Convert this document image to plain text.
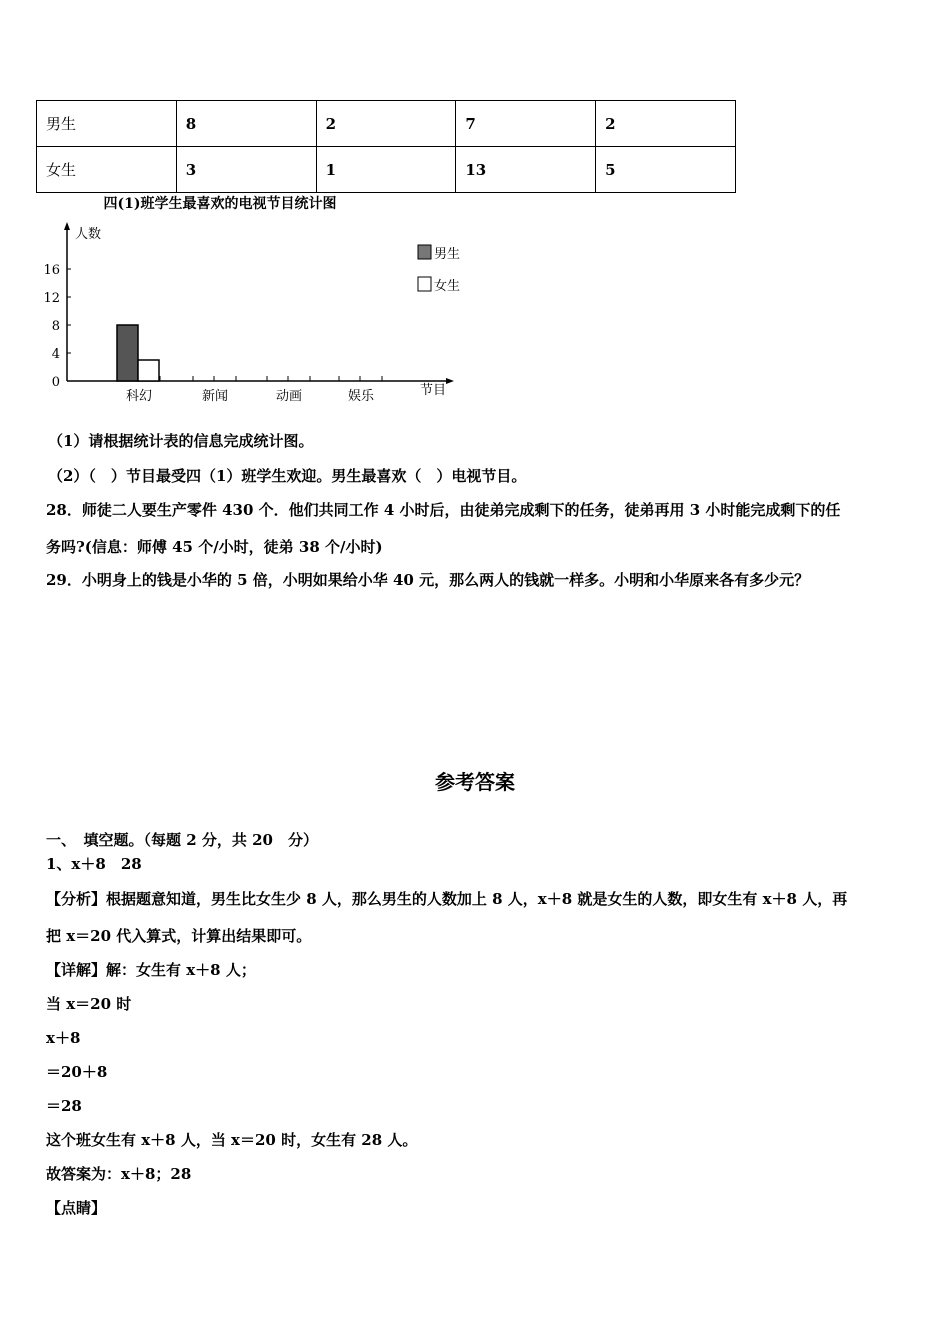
男生	8	2	7	2
女生	3	1	13	5
四(1)班学生最喜欢的电视节目统计图
人数
节目
0
4
8
12
16
科幻	新闻	动画	娱乐
男生
女生
（1）请根据统计表的信息完成统计图。
（2）（　）节目最受四（1）班学生欢迎。男生最喜欢（　）电视节目。
28．师徒二人要生产零件 430 个．他们共同工作 4 小时后，由徒弟完成剩下的任务，徒弟再用 3 小时能完成剩下的任
务吗?(信息：师傅 45 个/小时，徒弟 38 个/小时)
29．小明身上的钱是小华的 5 倍，小明如果给小华 40 元，那么两人的钱就一样多。小明和小华原来各有多少元？
参考答案
一、　填空题。（每题 2 分，共 20　分）
1、x＋8　28
【分析】根据题意知道，男生比女生少 8 人，那么男生的人数加上 8 人，x＋8 就是女生的人数，即女生有 x＋8 人，再
把 x＝20 代入算式，计算出结果即可。
【详解】解：女生有 x＋8 人；
当 x＝20 时
x＋8
＝20＋8
＝28
这个班女生有 x＋8 人，当 x＝20 时，女生有 28 人。
故答案为：x＋8；28
【点睛】
